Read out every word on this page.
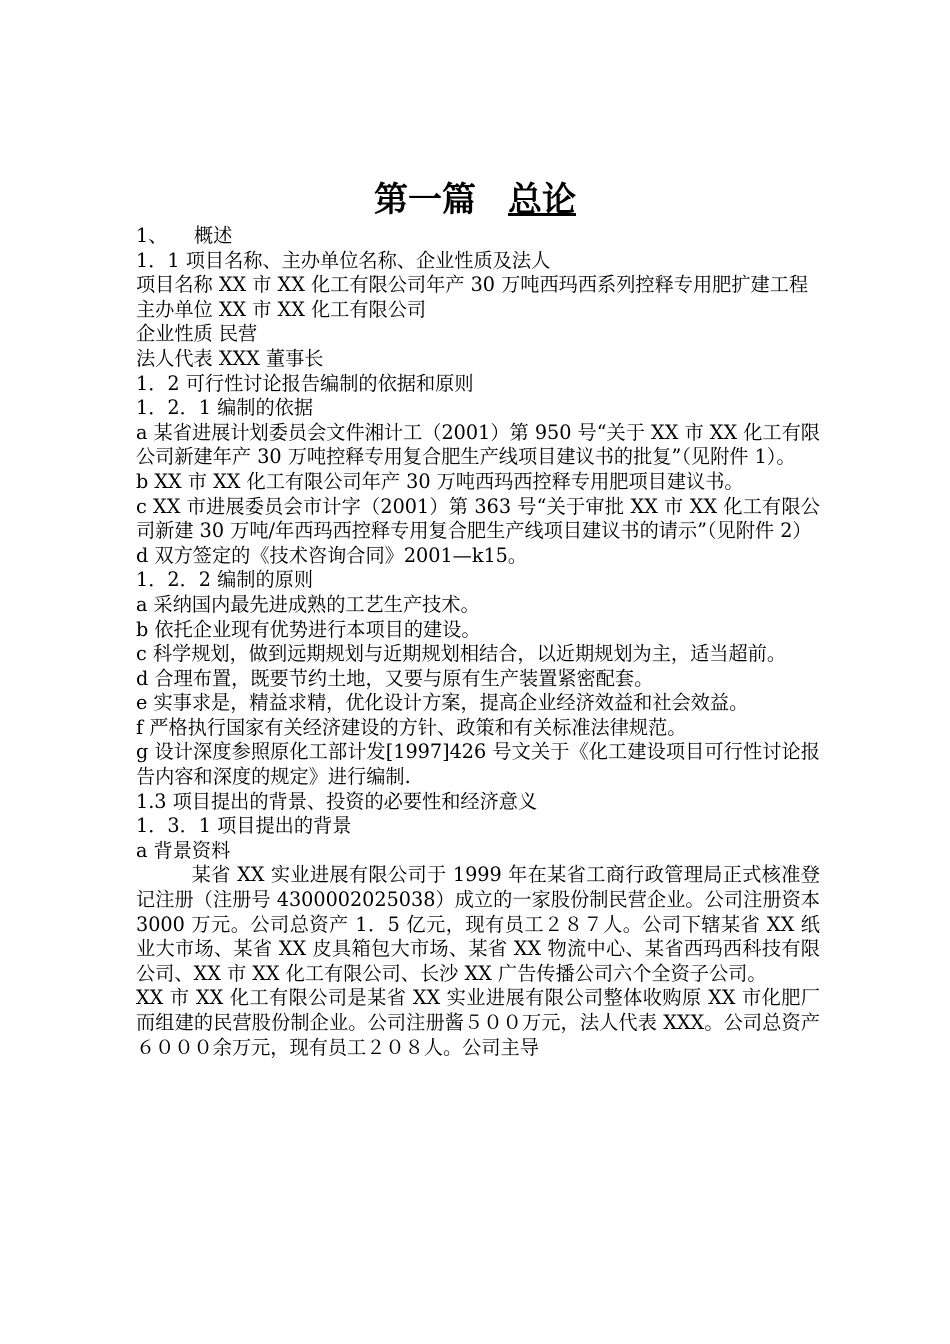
第一篇 总论

1、 概述

1．1 项目名称、主办单位名称、企业性质及法人

项目名称 XX 市 XX 化工有限公司年产 30 万吨西玛西系列控释专用肥扩建工程

主办单位 XX 市 XX 化工有限公司

企业性质 民营

法人代表 XXX 董事长

1．2 可行性讨论报告编制的依据和原则

1．2．1 编制的依据

a 某省进展计划委员会文件湘计工（2001）第 950 号“关于 XX 市 XX 化工有限公司新建年产 30 万吨控释专用复合肥生产线项目建议书的批复”（见附件 1）。

b XX 市 XX 化工有限公司年产 30 万吨西玛西控释专用肥项目建议书。

c XX 市进展委员会市计字（2001）第 363 号“关于审批 XX 市 XX 化工有限公司新建 30 万吨/年西玛西控释专用复合肥生产线项目建议书的请示”（见附件 2）

d 双方签定的《技术咨询合同》2001—k15。

1．2．2 编制的原则

a 采纳国内最先进成熟的工艺生产技术。

b 依托企业现有优势进行本项目的建设。

c 科学规划，做到远期规划与近期规划相结合，以近期规划为主，适当超前。

d 合理布置，既要节约土地，又要与原有生产装置紧密配套。

e 实事求是，精益求精，优化设计方案，提高企业经济效益和社会效益。

f 严格执行国家有关经济建设的方针、政策和有关标准法律规范。

g 设计深度参照原化工部计发[1997]426 号文关于《化工建设项目可行性讨论报告内容和深度的规定》进行编制.

1.3 项目提出的背景、投资的必要性和经济意义

1．3．1 项目提出的背景

a 背景资料

某省 XX 实业进展有限公司于 1999 年在某省工商行政管理局正式核准登记注册（注册号 4300002025038）成立的一家股份制民营企业。公司注册资本 3000 万元。公司总资产 1．5 亿元，现有员工２８７人。公司下辖某省 XX 纸业大市场、某省 XX 皮具箱包大市场、某省 XX 物流中心、某省西玛西科技有限公司、XX 市 XX 化工有限公司、长沙 XX 广告传播公司六个全资子公司。

XX 市 XX 化工有限公司是某省 XX 实业进展有限公司整体收购原 XX 市化肥厂而组建的民营股份制企业。公司注册酱５００万元，法人代表 XXX。公司总资产６０００余万元，现有员工２０８人。公司主导
